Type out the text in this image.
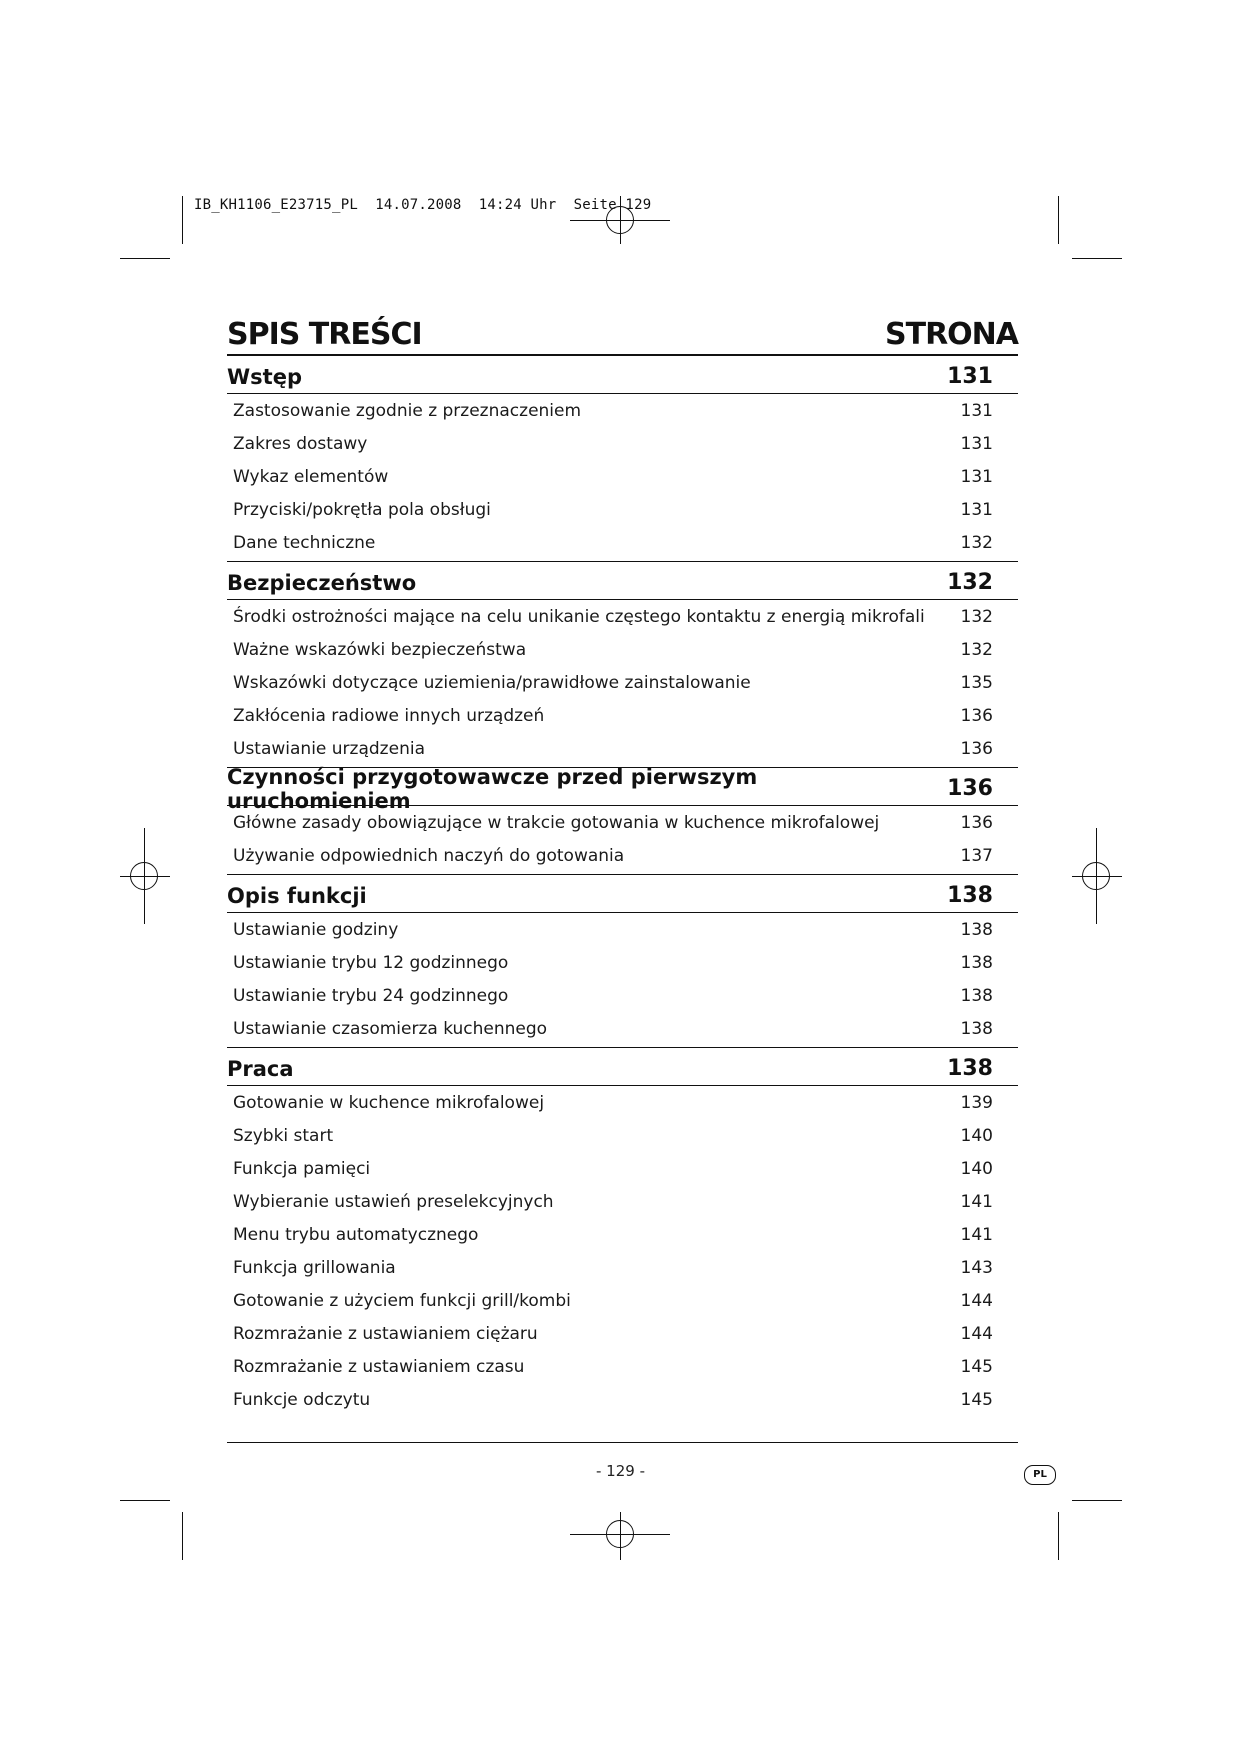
IB_KH1106_E23715_PL  14.07.2008  14:24 Uhr  Seite 129
SPIS TREŚCI	STRONA
Wstęp	131
Zastosowanie zgodnie z przeznaczeniem	131
Zakres dostawy	131
Wykaz elementów	131
Przyciski/pokrętła pola obsługi	131
Dane techniczne	132
Bezpieczeństwo	132
Środki ostrożności mające na celu unikanie częstego kontaktu z energią mikrofali 132
Ważne wskazówki bezpieczeństwa	132
Wskazówki dotyczące uziemienia/prawidłowe zainstalowanie	135
Zakłócenia radiowe innych urządzeń	136
Ustawianie urządzenia	136
Czynności przygotowawcze przed pierwszym uruchomieniem	136
Główne zasady obowiązujące w trakcie gotowania w kuchence mikrofalowej	136
Używanie odpowiednich naczyń do gotowania	137
Opis funkcji	138
Ustawianie godziny	138
Ustawianie trybu 12 godzinnego	138
Ustawianie trybu 24 godzinnego	138
Ustawianie czasomierza kuchennego	138
Praca	138
Gotowanie w kuchence mikrofalowej	139
Szybki start	140
Funkcja pamięci	140
Wybieranie ustawień preselekcyjnych	141
Menu trybu automatycznego	141
Funkcja grillowania	143
Gotowanie z użyciem funkcji grill/kombi	144
Rozmrażanie z ustawianiem ciężaru	144
Rozmrażanie z ustawianiem czasu	145
Funkcje odczytu	145
- 129 -	PL
